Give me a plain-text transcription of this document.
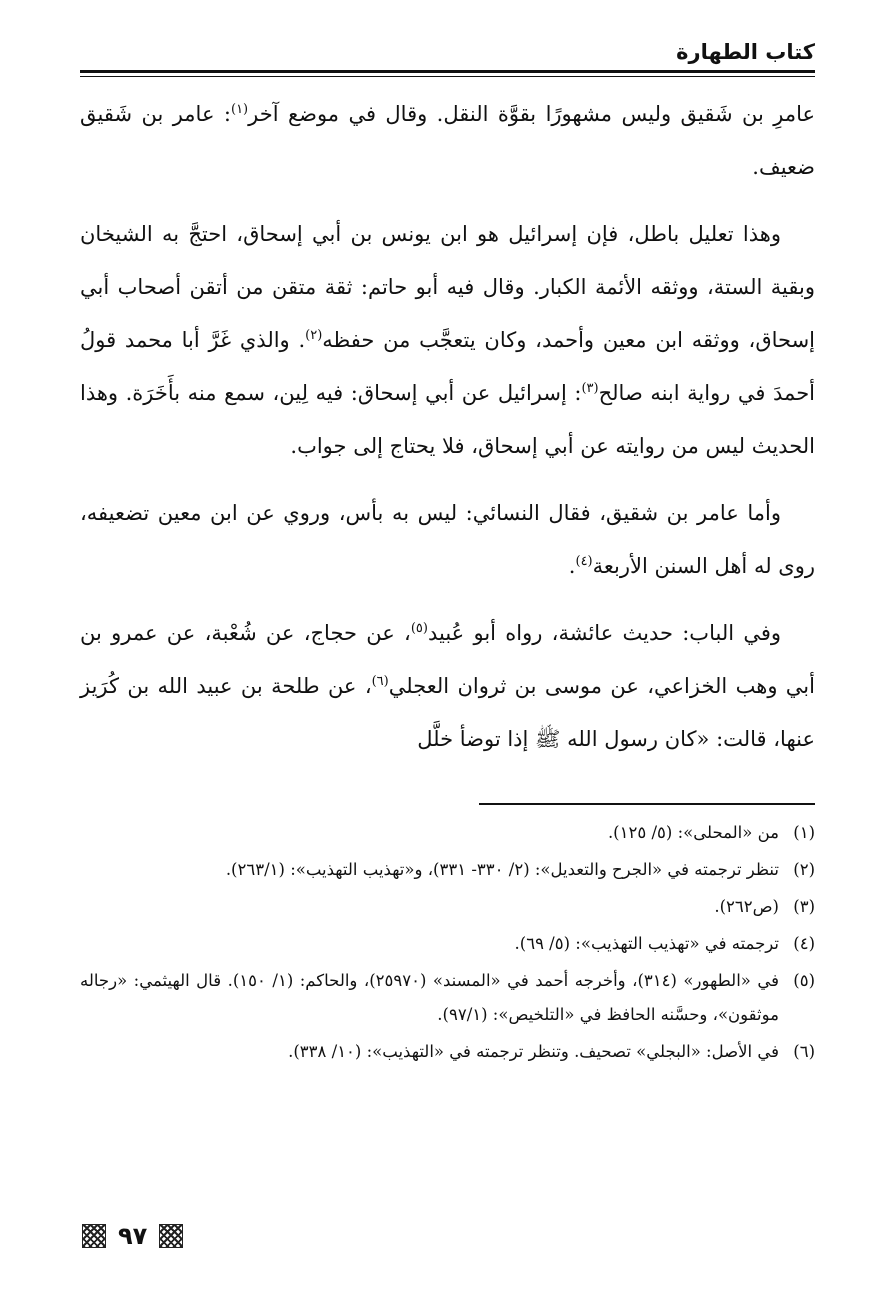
كتاب الطهارة

عامرِ بن شَقيق وليس مشهورًا بقوَّة النقل. وقال في موضع آخر$^{(١)}$: عامر بن شَقيق ضعيف.

وهذا تعليل باطل، فإن إسرائيل هو ابن يونس بن أبي إسحاق، احتجَّ به الشيخان وبقية الستة، ووثقه الأئمة الكبار. وقال فيه أبو حاتم: ثقة متقن من أتقن أصحاب أبي إسحاق، ووثقه ابن معين وأحمد، وكان يتعجَّب من حفظه$^{(٢)}$. والذي غَرَّ أبا محمد قولُ أحمدَ في رواية ابنه صالح$^{(٣)}$: إسرائيل عن أبي إسحاق: فيه لِين، سمع منه بأَخَرَة. وهذا الحديث ليس من روايته عن أبي إسحاق، فلا يحتاج إلى جواب.

وأما عامر بن شقيق، فقال النسائي: ليس به بأس، وروي عن ابن معين تضعيفه، روى له أهل السنن الأربعة$^{(٤)}$.

وفي الباب: حديث عائشة، رواه أبو عُبيد$^{(٥)}$، عن حجاج، عن شُعْبة، عن عمرو بن أبي وهب الخزاعي، عن موسى بن ثروان العجلي$^{(٦)}$، عن طلحة بن عبيد الله بن كُرَيز عنها، قالت: «كان رسول الله ﷺ إذا توضأ خلَّل

(١)
من «المحلى»: (٥/ ١٢٥).
(٢)
تنظر ترجمته في «الجرح والتعديل»: (٢/ ٣٣٠- ٣٣١)، و«تهذيب التهذيب»: (٢٦٣/١).
(٣)
(ص٢٦٢).
(٤)
ترجمته في «تهذيب التهذيب»: (٥/ ٦٩).
(٥)
في «الطهور» (٣١٤)، وأخرجه أحمد في «المسند» (٢٥٩٧٠)، والحاكم: (١/ ١٥٠). قال الهيثمي: «رجاله موثقون»، وحسَّنه الحافظ في «التلخيص»: (٩٧/١).
(٦)
في الأصل: «البجلي» تصحيف. وتنظر ترجمته في «التهذيب»: (١٠/ ٣٣٨).
٩٧
